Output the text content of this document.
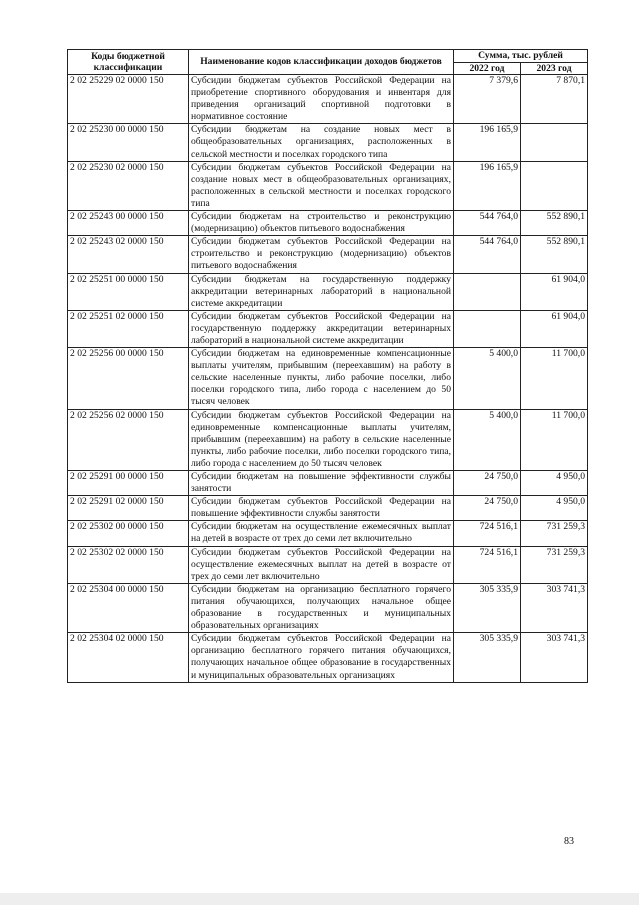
Коды бюджетной классификации	Наименование кодов классификации доходов бюджетов	Сумма, тыс. рублей	
		2022 год	2023 год
2 02 25229 02 0000 150	Субсидии бюджетам субъектов Российской Федерации на приобретение спортивного оборудования и инвентаря для приведения организаций спортивной подготовки в нормативное состояние	7 379,6	7 870,1
2 02 25230 00 0000 150	Субсидии бюджетам на создание новых мест в общеобразовательных организациях, расположенных в сельской местности и поселках городского типа	196 165,9	
2 02 25230 02 0000 150	Субсидии бюджетам субъектов Российской Федерации на создание новых мест в общеобразовательных организациях, расположенных в сельской местности и поселках городского типа	196 165,9	
2 02 25243 00 0000 150	Субсидии бюджетам на строительство и реконструкцию (модернизацию) объектов питьевого водоснабжения	544 764,0	552 890,1
2 02 25243 02 0000 150	Субсидии бюджетам субъектов Российской Федерации на строительство и реконструкцию (модернизацию) объектов питьевого водоснабжения	544 764,0	552 890,1
2 02 25251 00 0000 150	Субсидии бюджетам на государственную поддержку аккредитации ветеринарных лабораторий в национальной системе аккредитации		61 904,0
2 02 25251 02 0000 150	Субсидии бюджетам субъектов Российской Федерации на государственную поддержку аккредитации ветеринарных лабораторий в национальной системе аккредитации		61 904,0
2 02 25256 00 0000 150	Субсидии бюджетам на единовременные компенсационные выплаты учителям, прибывшим (переехавшим) на работу в сельские населенные пункты, либо рабочие поселки, либо поселки городского типа, либо города с населением до 50 тысяч человек	5 400,0	11 700,0
2 02 25256 02 0000 150	Субсидии бюджетам субъектов Российской Федерации на единовременные компенсационные выплаты учителям, прибывшим (переехавшим) на работу в сельские населенные пункты, либо рабочие поселки, либо поселки городского типа, либо города с населением до 50 тысяч человек	5 400,0	11 700,0
2 02 25291 00 0000 150	Субсидии бюджетам на повышение эффективности службы занятости	24 750,0	4 950,0
2 02 25291 02 0000 150	Субсидии бюджетам субъектов Российской Федерации на повышение эффективности службы занятости	24 750,0	4 950,0
2 02 25302 00 0000 150	Субсидии бюджетам на осуществление ежемесячных выплат на детей в возрасте от трех до семи лет включительно	724 516,1	731 259,3
2 02 25302 02 0000 150	Субсидии бюджетам субъектов Российской Федерации на осуществление ежемесячных выплат на детей в возрасте от трех до семи лет включительно	724 516,1	731 259,3
2 02 25304 00 0000 150	Субсидии бюджетам на организацию бесплатного горячего питания обучающихся, получающих начальное общее образование в государственных и муниципальных образовательных организациях	305 335,9	303 741,3
2 02 25304 02 0000 150	Субсидии бюджетам субъектов Российской Федерации на организацию бесплатного горячего питания обучающихся, получающих начальное общее образование в государственных и муниципальных образовательных организациях	305 335,9	303 741,3
83
